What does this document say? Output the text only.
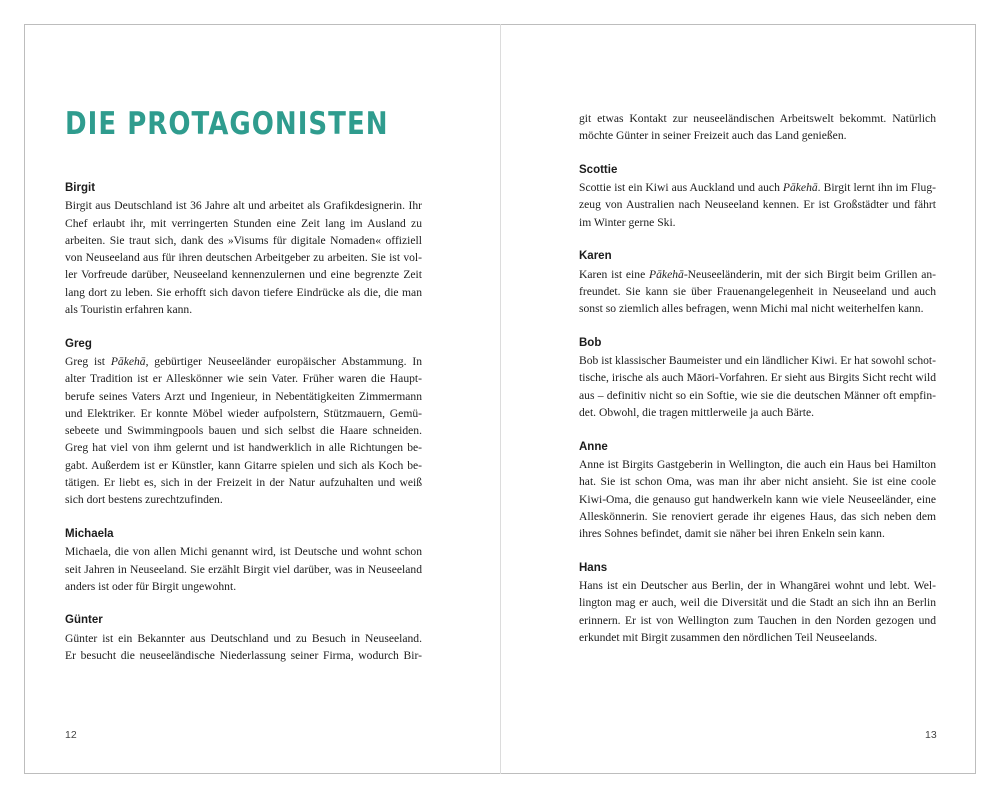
DIE PROTAGONISTEN
Birgit
Birgit aus Deutschland ist 36 Jahre alt und arbeitet als Grafikdesignerin. Ihr
Chef erlaubt ihr, mit verringerten Stunden eine Zeit lang im Ausland zu
arbeiten. Sie traut sich, dank des »Visums für digitale Nomaden« offiziell
von Neuseeland aus für ihren deutschen Arbeitgeber zu arbeiten. Sie ist vol-
ler Vorfreude darüber, Neuseeland kennenzulernen und eine begrenzte Zeit
lang dort zu leben. Sie erhofft sich davon tiefere Eindrücke als die, die man
als Touristin erfahren kann.
Greg
Greg ist Pākehā, gebürtiger Neuseeländer europäischer Abstammung. In
alter Tradition ist er Alleskönner wie sein Vater. Früher waren die Haupt-
berufe seines Vaters Arzt und Ingenieur, in Nebentätigkeiten Zimmermann
und Elektriker. Er konnte Möbel wieder aufpolstern, Stützmauern, Gemü-
sebeete und Swimmingpools bauen und sich selbst die Haare schneiden.
Greg hat viel von ihm gelernt und ist handwerklich in alle Richtungen be-
gabt. Außerdem ist er Künstler, kann Gitarre spielen und sich als Koch be-
tätigen. Er liebt es, sich in der Freizeit in der Natur aufzuhalten und weiß
sich dort bestens zurechtzufinden.
Michaela
Michaela, die von allen Michi genannt wird, ist Deutsche und wohnt schon
seit Jahren in Neuseeland. Sie erzählt Birgit viel darüber, was in Neuseeland
anders ist oder für Birgit ungewohnt.
Günter
Günter ist ein Bekannter aus Deutschland und zu Besuch in Neuseeland.
Er besucht die neuseeländische Niederlassung seiner Firma, wodurch Bir-
git etwas Kontakt zur neuseeländischen Arbeitswelt bekommt. Natürlich
möchte Günter in seiner Freizeit auch das Land genießen.
Scottie
Scottie ist ein Kiwi aus Auckland und auch Pākehā. Birgit lernt ihn im Flug-
zeug von Australien nach Neuseeland kennen. Er ist Großstädter und fährt
im Winter gerne Ski.
Karen
Karen ist eine Pākehā-Neuseeländerin, mit der sich Birgit beim Grillen an-
freundet. Sie kann sie über Frauenangelegenheit in Neuseeland und auch
sonst so ziemlich alles befragen, wenn Michi mal nicht weiterhelfen kann.
Bob
Bob ist klassischer Baumeister und ein ländlicher Kiwi. Er hat sowohl schot-
tische, irische als auch Māori-Vorfahren. Er sieht aus Birgits Sicht recht wild
aus – definitiv nicht so ein Softie, wie sie die deutschen Männer oft empfin-
det. Obwohl, die tragen mittlerweile ja auch Bärte.
Anne
Anne ist Birgits Gastgeberin in Wellington, die auch ein Haus bei Hamilton
hat. Sie ist schon Oma, was man ihr aber nicht ansieht. Sie ist eine coole
Kiwi-Oma, die genauso gut handwerkeln kann wie viele Neuseeländer, eine
Alleskönnerin. Sie renoviert gerade ihr eigenes Haus, das sich neben dem
ihres Sohnes befindet, damit sie näher bei ihren Enkeln sein kann.
Hans
Hans ist ein Deutscher aus Berlin, der in Whangārei wohnt und lebt. Wel-
lington mag er auch, weil die Diversität und die Stadt an sich ihn an Berlin
erinnern. Er ist von Wellington zum Tauchen in den Norden gezogen und
erkundet mit Birgit zusammen den nördlichen Teil Neuseelands.
12	13
